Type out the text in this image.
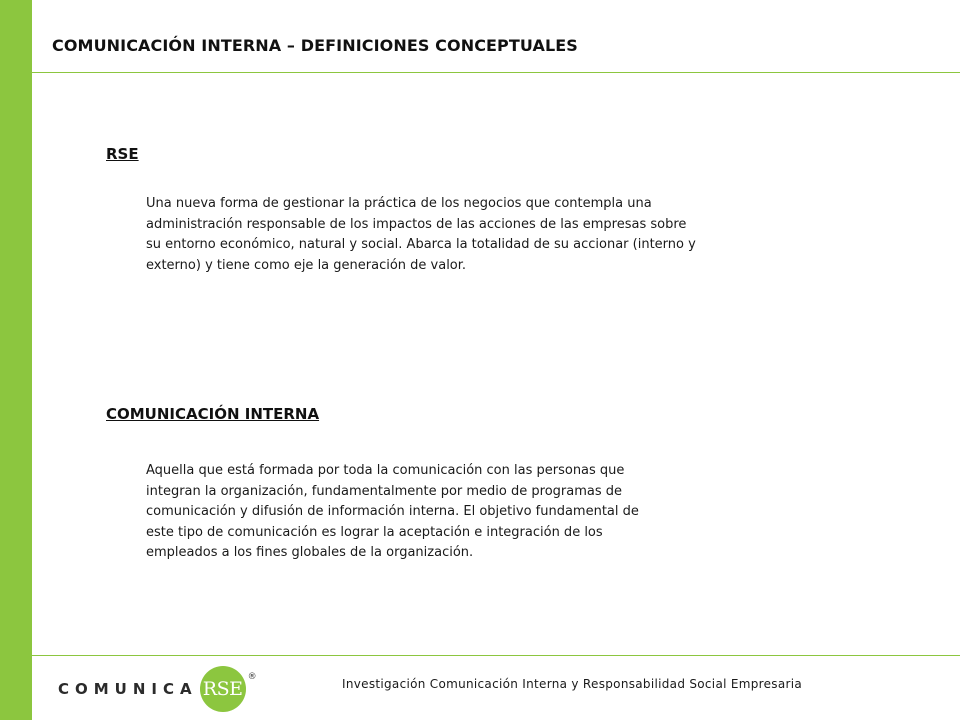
COMUNICACIÓN INTERNA – DEFINICIONES CONCEPTUALES
RSE
Una nueva forma de gestionar la práctica de los negocios que contempla una
administración responsable de los impactos de las acciones de las empresas sobre
su entorno económico, natural y social. Abarca la totalidad de su accionar (interno y
externo) y tiene como eje la generación de valor.
COMUNICACIÓN INTERNA
Aquella que está formada por toda la comunicación con las personas que
integran la organización, fundamentalmente por medio de programas de
comunicación y difusión de información interna. El objetivo fundamental de
este tipo de comunicación es lograr la aceptación e integración de los
empleados a los fines globales de la organización.
COMUNICA RSE
®	Investigación Comunicación Interna y Responsabilidad Social Empresaria
